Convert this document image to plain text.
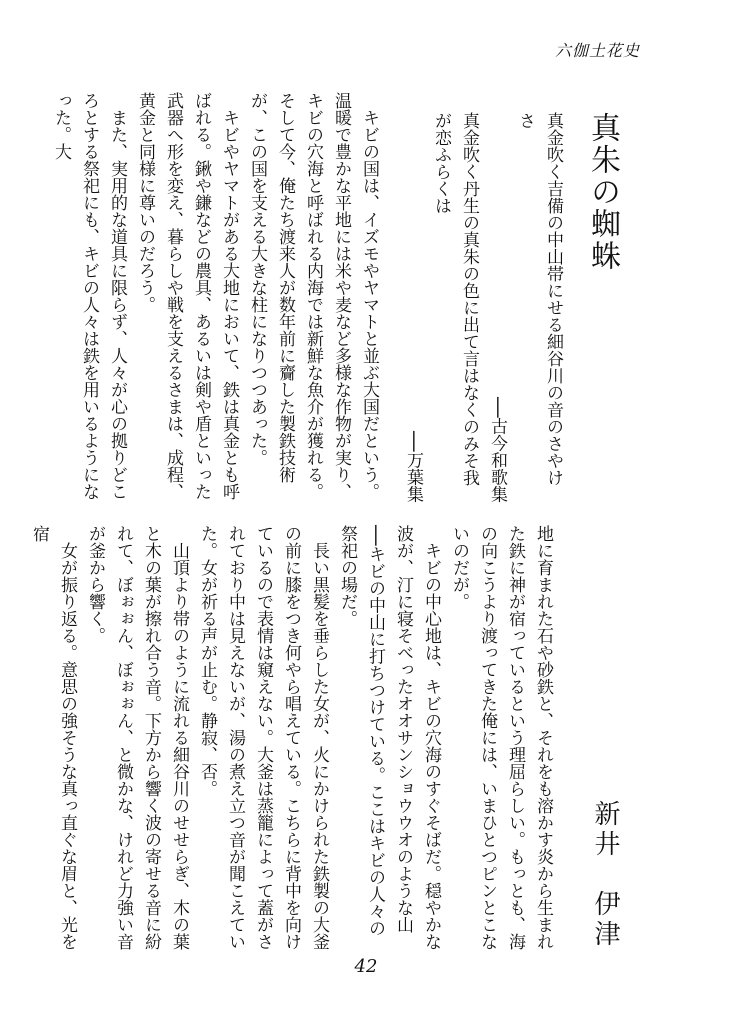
六伽土花史
真朱の蜘蛛

真金吹く吉備の中山帯にせる細谷川の音のさやけさ

──古今和歌集

真金吹く丹生の真朱の色に出て言はなくのみそ我が恋ふらくは

──万葉集

　キビの国は、イズモやヤマトと並ぶ大国だという。温暖で豊かな平地には米や麦など多様な作物が実り、キビの穴海と呼ばれる内海では新鮮な魚介が獲れる。そして今、俺たち渡来人が数年前に齎した製鉄技術が、この国を支える大きな柱になりつつあった。

　キビやヤマトがある大地において、鉄は真金とも呼ばれる。鍬や鎌などの農具、あるいは剣や盾といった武器へ形を変え、暮らしや戦を支えるさまは、成程、黄金と同様に尊いのだろう。

　また、実用的な道具に限らず、人々が心の拠りどころとする祭祀にも、キビの人々は鉄を用いるようになった。大

新井　伊津

地に育まれた石や砂鉄と、それをも溶かす炎から生まれた鉄に神が宿っているという理屈らしい。もっとも、海の向こうより渡ってきた俺には、いまひとつピンとこないのだが。

　キビの中心地は、キビの穴海のすぐそばだ。穏やかな波が、汀に寝そべったオオサンショウウオのような山──キビの中山に打ちつけている。ここはキビの人々の祭祀の場だ。

　長い黒髪を垂らした女が、火にかけられた鉄製の大釜の前に膝をつき何やら唱えている。こちらに背中を向けているので表情は窺えない。大釜は蒸籠によって蓋がされており中は見えないが、湯の煮え立つ音が聞こえていた。女が祈る声が止む。静寂、否。

　山頂より帯のように流れる細谷川のせせらぎ、木の葉と木の葉が擦れ合う音。下方から響く波の寄せる音に紛れて、ぼぉぉん、ぼぉぉん、と微かな、けれど力強い音が釜から響く。

　女が振り返る。意思の強そうな真っ直ぐな眉と、光を宿

42
